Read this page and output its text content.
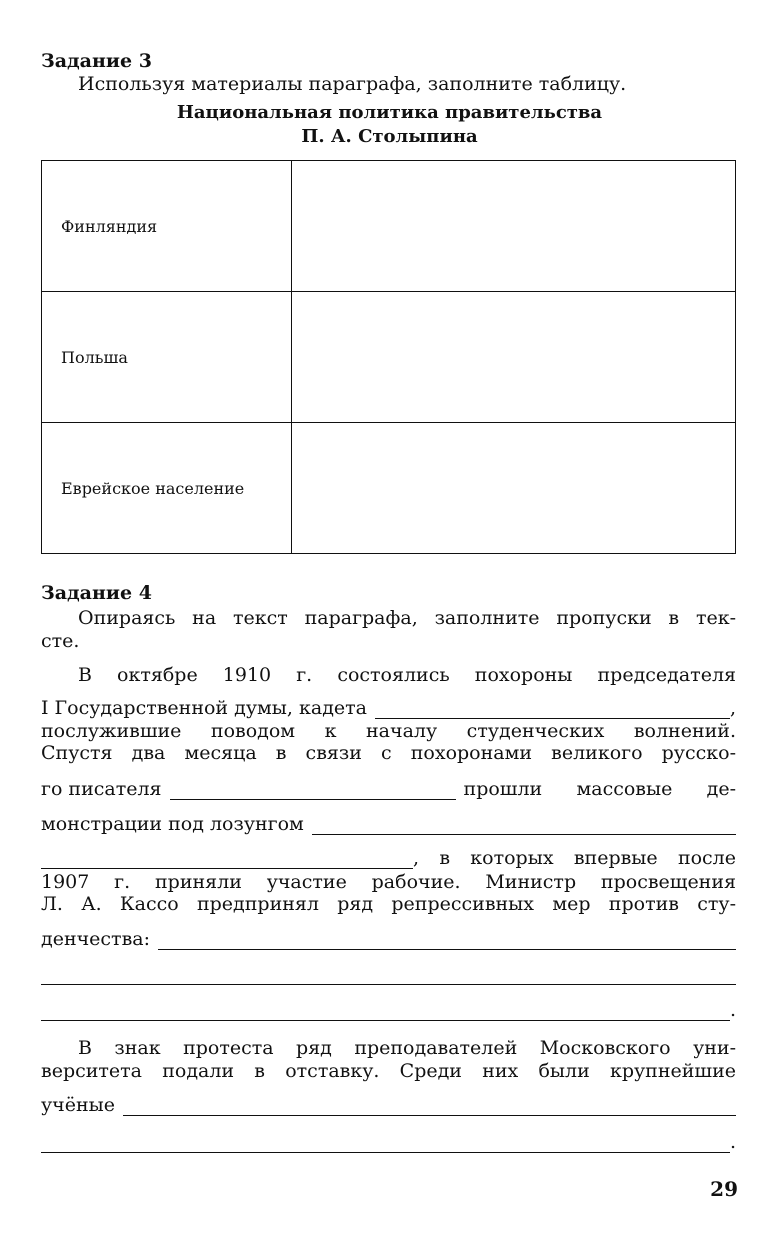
Задание 3
Используя материалы параграфа, заполните таблицу.
Национальная политика правительства
П. А. Столыпина
Финляндия	
Польша	
Еврейское население	
Задание 4
Опираясь на текст параграфа, заполните пропуски в тек-
сте.
В октябре 1910 г. состоялись похороны председателя
I Государственной думы, кадета	,
послужившие поводом к началу студенческих волнений.
Спустя два месяца в связи с похоронами великого русско-
го писателя	прошли массовые де-
монстрации под лозунгом
, в которых впервые после
1907 г. приняли участие рабочие. Министр просвещения
Л. А. Кассо предпринял ряд репрессивных мер против сту-
денчества:
.
В знак протеста ряд преподавателей Московского уни-
верситета подали в отставку. Среди них были крупнейшие
учёные
.
29
